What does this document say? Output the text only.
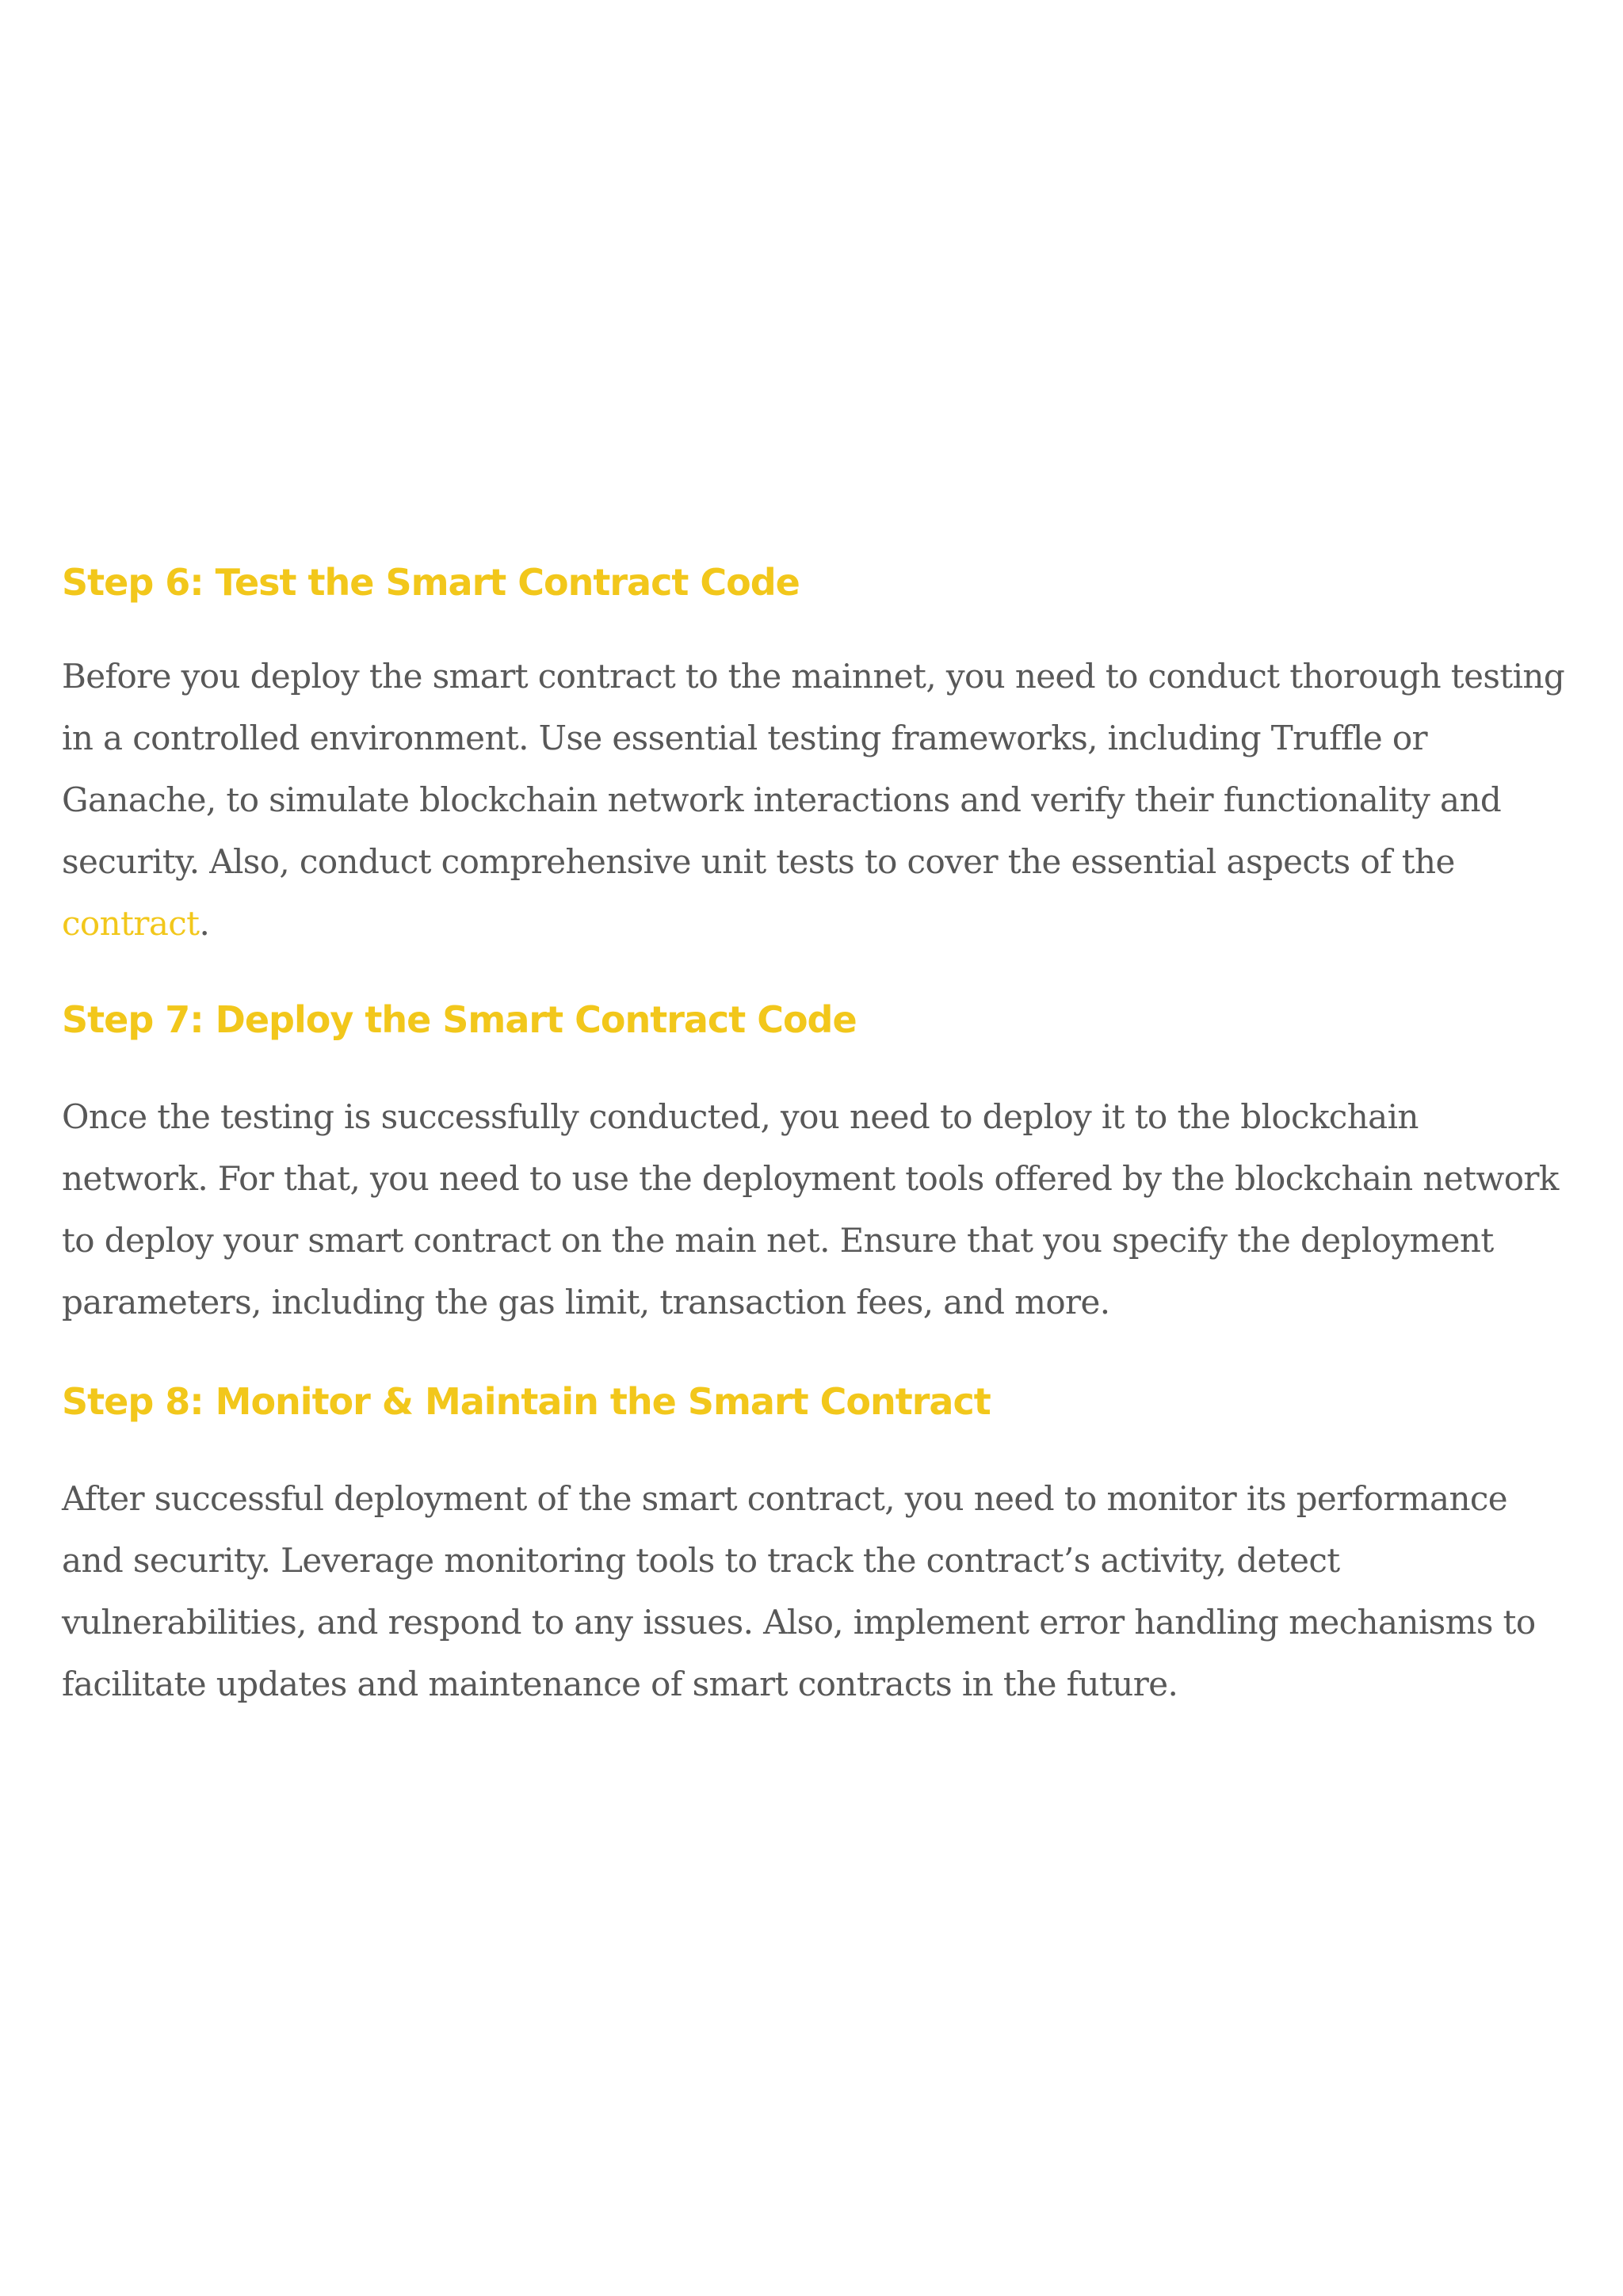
Step 6: Test the Smart Contract Code

Before you deploy the smart contract to the mainnet, you need to conduct thorough testing in a controlled environment. Use essential testing frameworks, including Truffle or Ganache, to simulate blockchain network interactions and verify their functionality and security. Also, conduct comprehensive unit tests to cover the essential aspects of the contract.

Step 7: Deploy the Smart Contract Code

Once the testing is successfully conducted, you need to deploy it to the blockchain network. For that, you need to use the deployment tools offered by the blockchain network to deploy your smart contract on the main net. Ensure that you specify the deployment parameters, including the gas limit, transaction fees, and more.

Step 8: Monitor & Maintain the Smart Contract

After successful deployment of the smart contract, you need to monitor its performance and security. Leverage monitoring tools to track the contract’s activity, detect vulnerabilities, and respond to any issues. Also, implement error handling mechanisms to facilitate updates and maintenance of smart contracts in the future.
